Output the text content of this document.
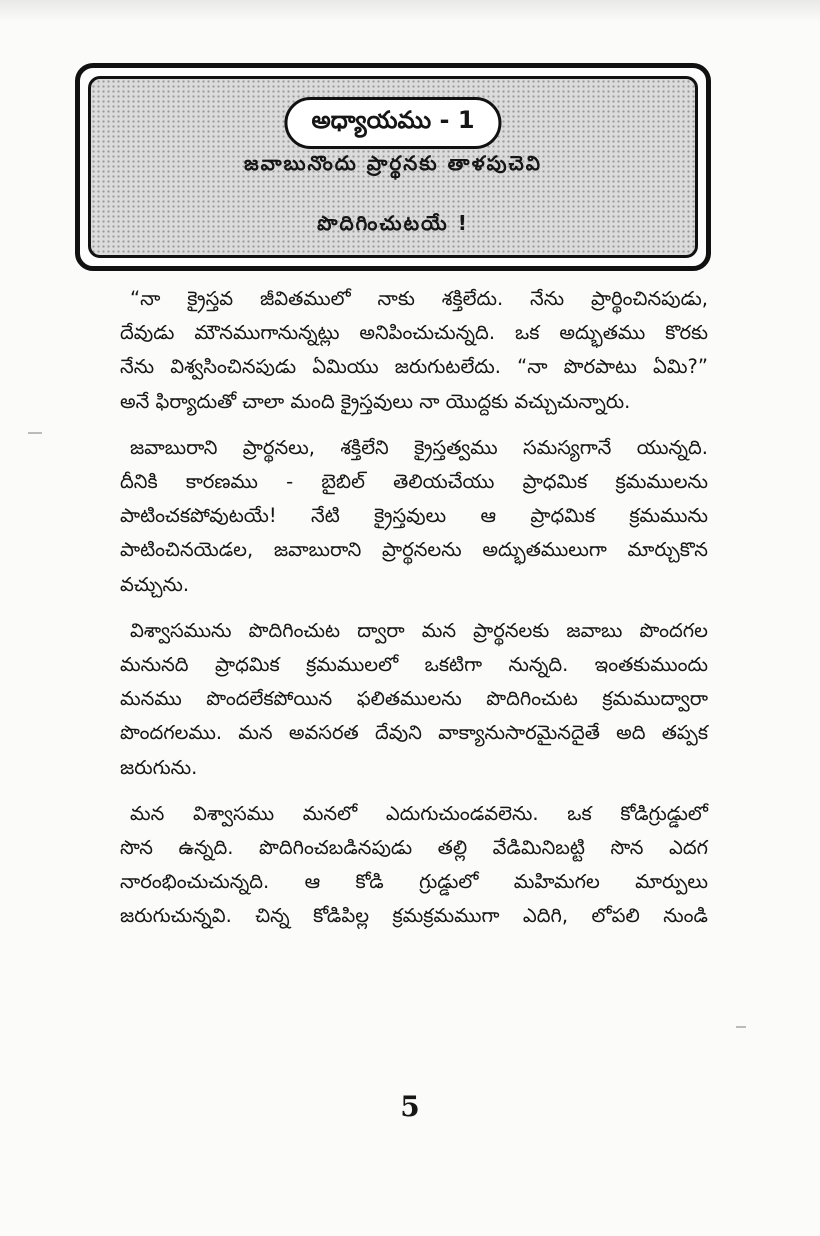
అధ్యాయము - 1
జవాబునొందు ప్రార్థనకు తాళపుచెవి
పొదిగించుటయే !
“నా క్రైస్తవ జీవితములో నాకు శక్తిలేదు. నేను ప్రార్థించినపుడు,
దేవుడు మౌనముగానున్నట్లు అనిపించుచున్నది. ఒక అద్భుతము కొరకు
నేను విశ్వసించినపుడు ఏమియు జరుగుటలేదు. “నా పొరపాటు ఏమి?”
అనే ఫిర్యాదుతో చాలా మంది క్రైస్తవులు నా యొద్దకు వచ్చుచున్నారు.
జవాబురాని ప్రార్థనలు, శక్తిలేని క్రైస్తత్వము సమస్యగానే యున్నది.
దీనికి కారణము - బైబిల్ తెలియచేయు ప్రాధమిక క్రమములను
పాటించకపోవుటయే! నేటి క్రైస్తవులు ఆ ప్రాధమిక క్రమమును
పాటించినయెడల, జవాబురాని ప్రార్థనలను అద్భుతములుగా మార్చుకొన
వచ్చును.
విశ్వాసమును పొదిగించుట ద్వారా మన ప్రార్థనలకు జవాబు పొందగల
మనునది ప్రాధమిక క్రమములలో ఒకటిగా నున్నది. ఇంతకుముందు
మనము పొందలేకపోయిన ఫలితములను పొదిగించుట క్రమముద్వారా
పొందగలము. మన అవసరత దేవుని వాక్యానుసారమైనదైతే అది తప్పక
జరుగును.
మన విశ్వాసము మనలో ఎదుగుచుండవలెను. ఒక కోడిగ్రుడ్డులో
సొన ఉన్నది. పొదిగించబడినపుడు తల్లి వేడిమినిబట్టి సొన ఎదగ
నారంభించుచున్నది. ఆ కోడి గ్రుడ్డులో మహిమగల మార్పులు
జరుగుచున్నవి. చిన్న కోడిపిల్ల క్రమక్రమముగా ఎదిగి, లోపలి నుండి
5
